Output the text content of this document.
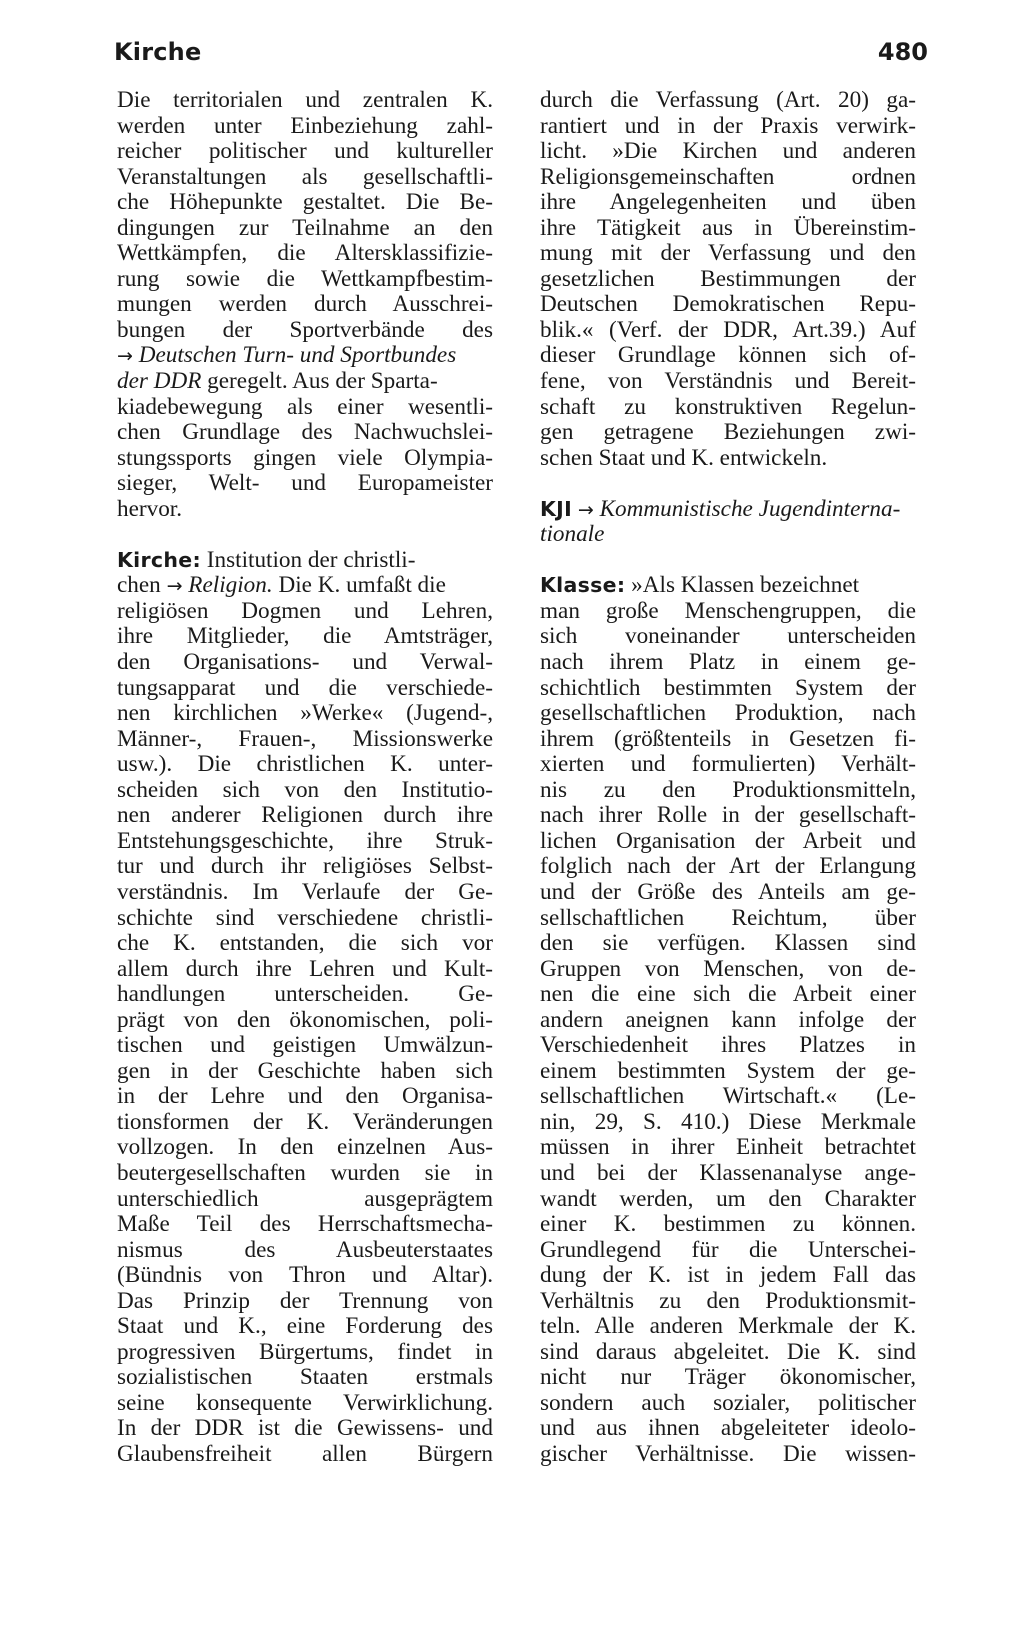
Kirche	480
Die territorialen und zentralen K.
werden unter Einbeziehung zahl-
reicher politischer und kultureller
Veranstaltungen als gesellschaftli-
che Höhepunkte gestaltet. Die Be-
dingungen zur Teilnahme an den
Wettkämpfen, die Altersklassifizie-
rung sowie die Wettkampfbestim-
mungen werden durch Ausschrei-
bungen der Sportverbände des
→ Deutschen Turn- und Sportbundes
der DDR geregelt. Aus der Sparta-
kiadebewegung als einer wesentli-
chen Grundlage des Nachwuchslei-
stungssports gingen viele Olympia-
sieger, Welt- und Europameister
hervor.
Kirche: Institution der christli-
chen → Religion. Die K. umfaßt die
religiösen Dogmen und Lehren,
ihre Mitglieder, die Amtsträger,
den Organisations- und Verwal-
tungsapparat und die verschiede-
nen kirchlichen »Werke« (Jugend-,
Männer-, Frauen-, Missionswerke
usw.). Die christlichen K. unter-
scheiden sich von den Institutio-
nen anderer Religionen durch ihre
Entstehungsgeschichte, ihre Struk-
tur und durch ihr religiöses Selbst-
verständnis. Im Verlaufe der Ge-
schichte sind verschiedene christli-
che K. entstanden, die sich vor
allem durch ihre Lehren und Kult-
handlungen unterscheiden. Ge-
prägt von den ökonomischen, poli-
tischen und geistigen Umwälzun-
gen in der Geschichte haben sich
in der Lehre und den Organisa-
tionsformen der K. Veränderungen
vollzogen. In den einzelnen Aus-
beutergesellschaften wurden sie in
unterschiedlich ausgeprägtem
Maße Teil des Herrschaftsmecha-
nismus des Ausbeuterstaates
(Bündnis von Thron und Altar).
Das Prinzip der Trennung von
Staat und K., eine Forderung des
progressiven Bürgertums, findet in
sozialistischen Staaten erstmals
seine konsequente Verwirklichung.
In der DDR ist die Gewissens- und
Glaubensfreiheit allen Bürgern
durch die Verfassung (Art. 20) ga-
rantiert und in der Praxis verwirk-
licht. »Die Kirchen und anderen
Religionsgemeinschaften ordnen
ihre Angelegenheiten und üben
ihre Tätigkeit aus in Übereinstim-
mung mit der Verfassung und den
gesetzlichen Bestimmungen der
Deutschen Demokratischen Repu-
blik.« (Verf. der DDR, Art.39.) Auf
dieser Grundlage können sich of-
fene, von Verständnis und Bereit-
schaft zu konstruktiven Regelun-
gen getragene Beziehungen zwi-
schen Staat und K. entwickeln.
KJI → Kommunistische Jugendinterna-
tionale
Klasse: »Als Klassen bezeichnet
man große Menschengruppen, die
sich voneinander unterscheiden
nach ihrem Platz in einem ge-
schichtlich bestimmten System der
gesellschaftlichen Produktion, nach
ihrem (größtenteils in Gesetzen fi-
xierten und formulierten) Verhält-
nis zu den Produktionsmitteln,
nach ihrer Rolle in der gesellschaft-
lichen Organisation der Arbeit und
folglich nach der Art der Erlangung
und der Größe des Anteils am ge-
sellschaftlichen Reichtum, über
den sie verfügen. Klassen sind
Gruppen von Menschen, von de-
nen die eine sich die Arbeit einer
andern aneignen kann infolge der
Verschiedenheit ihres Platzes in
einem bestimmten System der ge-
sellschaftlichen Wirtschaft.« (Le-
nin, 29, S. 410.) Diese Merkmale
müssen in ihrer Einheit betrachtet
und bei der Klassenanalyse ange-
wandt werden, um den Charakter
einer K. bestimmen zu können.
Grundlegend für die Unterschei-
dung der K. ist in jedem Fall das
Verhältnis zu den Produktionsmit-
teln. Alle anderen Merkmale der K.
sind daraus abgeleitet. Die K. sind
nicht nur Träger ökonomischer,
sondern auch sozialer, politischer
und aus ihnen abgeleiteter ideolo-
gischer Verhältnisse. Die wissen-
